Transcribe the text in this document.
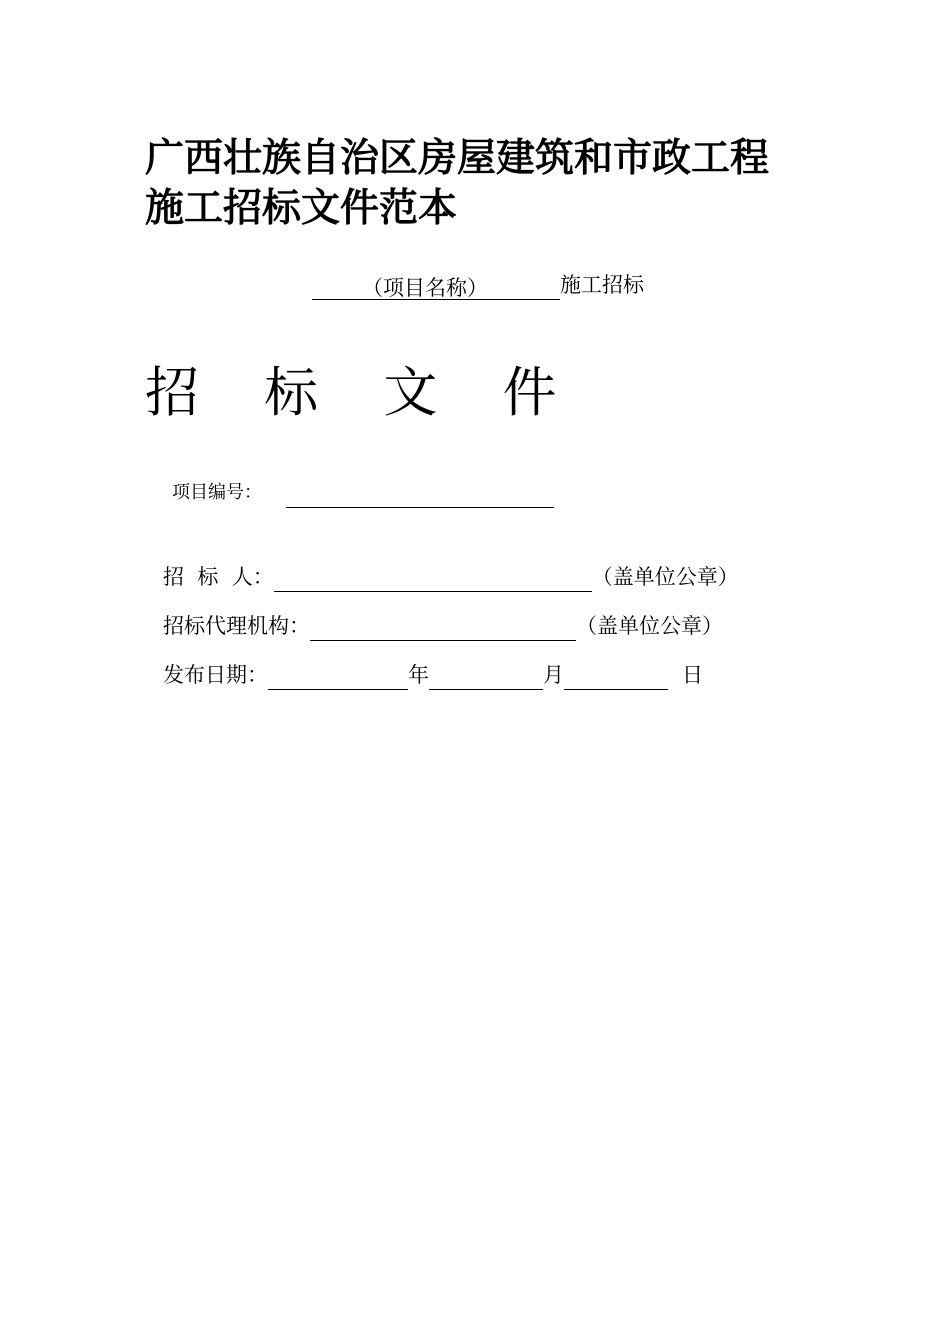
广西壮族自治区房屋建筑和市政工程
施工招标文件范本
（项目名称）	施工招标
招 标 文 件
项目编号：
招  标  人：	（盖单位公章）
招标代理机构：	（盖单位公章）
发布日期：	年	月	日
